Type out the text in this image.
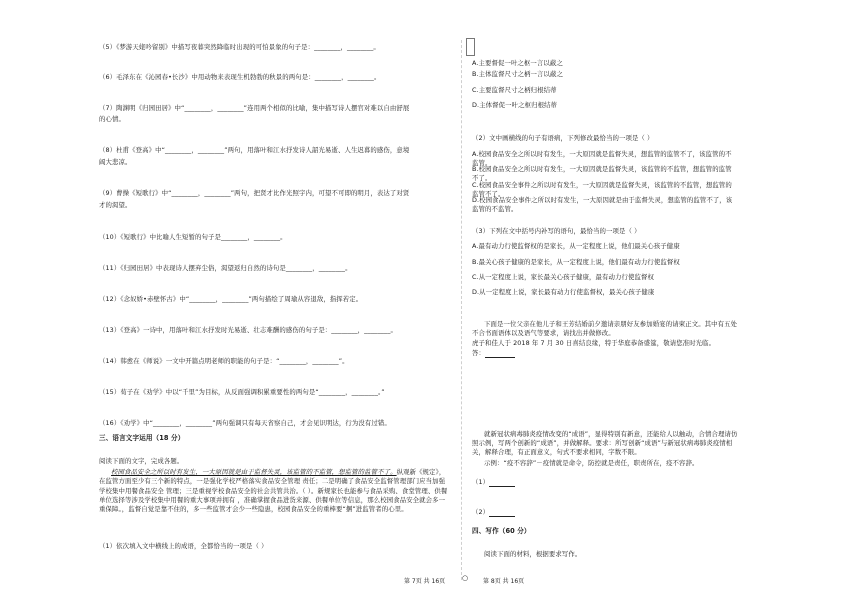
（5）《梦游天姥吟留别》中描写夜暮突然降临时出现的可怕景象的句子是：________，________。
（6）毛泽东在《沁园春•长沙》中用动物来表现生机勃勃的秋景的两句是：________，________。
（7）陶渊明《归园田居》中“________，________”连用两个相似的比喻，集中描写诗人摆官对难以自由舒展
的心情。
（8）杜甫《登高》中“________，________”两句，用落叶和江水抒发诗人韶光易逝、人生迟暮的感伤，意境
阔大悲凉。
（9）曹操《短歌行》中“________，________”两句，把贤才比作光照宇内，可望不可即的明月，表达了对贤
才的渴望。
（10）《短歌行》中比喻人生短暂的句子是________，________。
（11）《归园田居》中表现诗人摆弃尘俗，渴望返归自然的诗句是________，________。
（12）《念奴娇•赤壁怀古》中“________，________”两句描绘了周瑜从容退敌，指挥若定。
（13）《登高》一诗中，用落叶和江水抒发时光易逝、壮志难酬的感伤的句子是：________，________。
（14）韩愈在《师说》一文中开篇点明老师的职能的句子是：“________，________”。
（15）荀子在《劝学》中以“千里”为目标，从反面强调积累重要性的两句是“________，________。”
（16）《劝学》中“________，________”两句强调只有每天省察自己，才会见识明达，行为没有过错。
三、语言文字运用（18 分）
阅读下面的文字，完成各题。
校园食品安全之所以时有发生，一大原因就是由于监督失灵，该监管的不监管，想监管的监管不了。纵观新《规定》，在监管方面至少有三个新的特点，一是强化学校严格落实食品安全管理 责任；二是明确了食品安全监督管理部门应当加强学校集中用餐食品安全 管理；三是重视学校食品安全的社会共管共治。（ ）。新规家长也能参与食品采购、食堂管理、供餐单位选择等涉及学校集中用餐的重大事项并拥有 ，准确掌握食品进货来源、供餐单位等信息，那么校园食品安全就会多一重保障。，监督自觉是靠不住的，多一些监管才会少一些隐患，校园食品安全的重棒要“捆”进监管者的心里。
（1）依次填入文中横线上的成语，全都恰当的一项是（ ）
A.主要督促一叶之枢一言以蔽之
B.主体监督尺寸之柄一言以蔽之
C.主要监督尺寸之柄归根结蒂
D.主体督促一叶之枢归根结蒂
（2）文中画横线的句子有语病，下列修改最恰当的一项是（ ）
A.校园食品安全之所以时有发生，一大原因就是监督失灵，想监管的监管不了，该监管的不监管。
B.校园食品安全之所以时有发生，一大原因就是监督失灵，该监管的不监管，想监管的监管不了。
C.校园食品安全事件之所以时有发生，一大原因就是监督失灵，该监管的不监管，想监管的监管不了。
D.校园食品安全事件之所以时有发生，一大原因就是由于监督失灵，想监管的监管不了，该监管的不监管。
（3）下列在文中括号内补写的语句，最恰当的一项是（ ）
A.最有动力行使监督权的是家长，从一定程度上说，他们最关心孩子健康
B.最关心孩子健康的是家长，从一定程度上说，他们最有动力行使监督权
C.从一定程度上说，家长最关心孩子健康，最有动力行使监督权
D.从一定程度上说，家长最有动力行使监督权，最关心孩子健康
下面是一位父亲在他儿子和王芳结婚前夕邀请亲朋好友参加婚宴的请柬正文。其中有五处不合书面语体以及语气等要求，请找出并做修改。
虎子和佳人于 2018 年 7 月 30 日喜结良缘，特于华庭恭备盛筵，敬请您准时光临。
答：
就新冠状病毒肺炎疫情改变的“成语”，显得特别有新意，还能给人以触动，合情合理请仿照示例，写两个创新的“成语”，并做解释。要求：所写创新“成语”与新冠状病毒肺炎疫情相关，解释合理，有正面意义，句式不要求相同，字数不限。
示例：“疫不容辞”－疫情就是命令，防控就是责任，职责所在，疫不容辞。
（1）
（2）
四、写作（60 分）
阅读下面的材料，根据要求写作。
第 7页 共 16页 ○ 第 8页 共 16页
